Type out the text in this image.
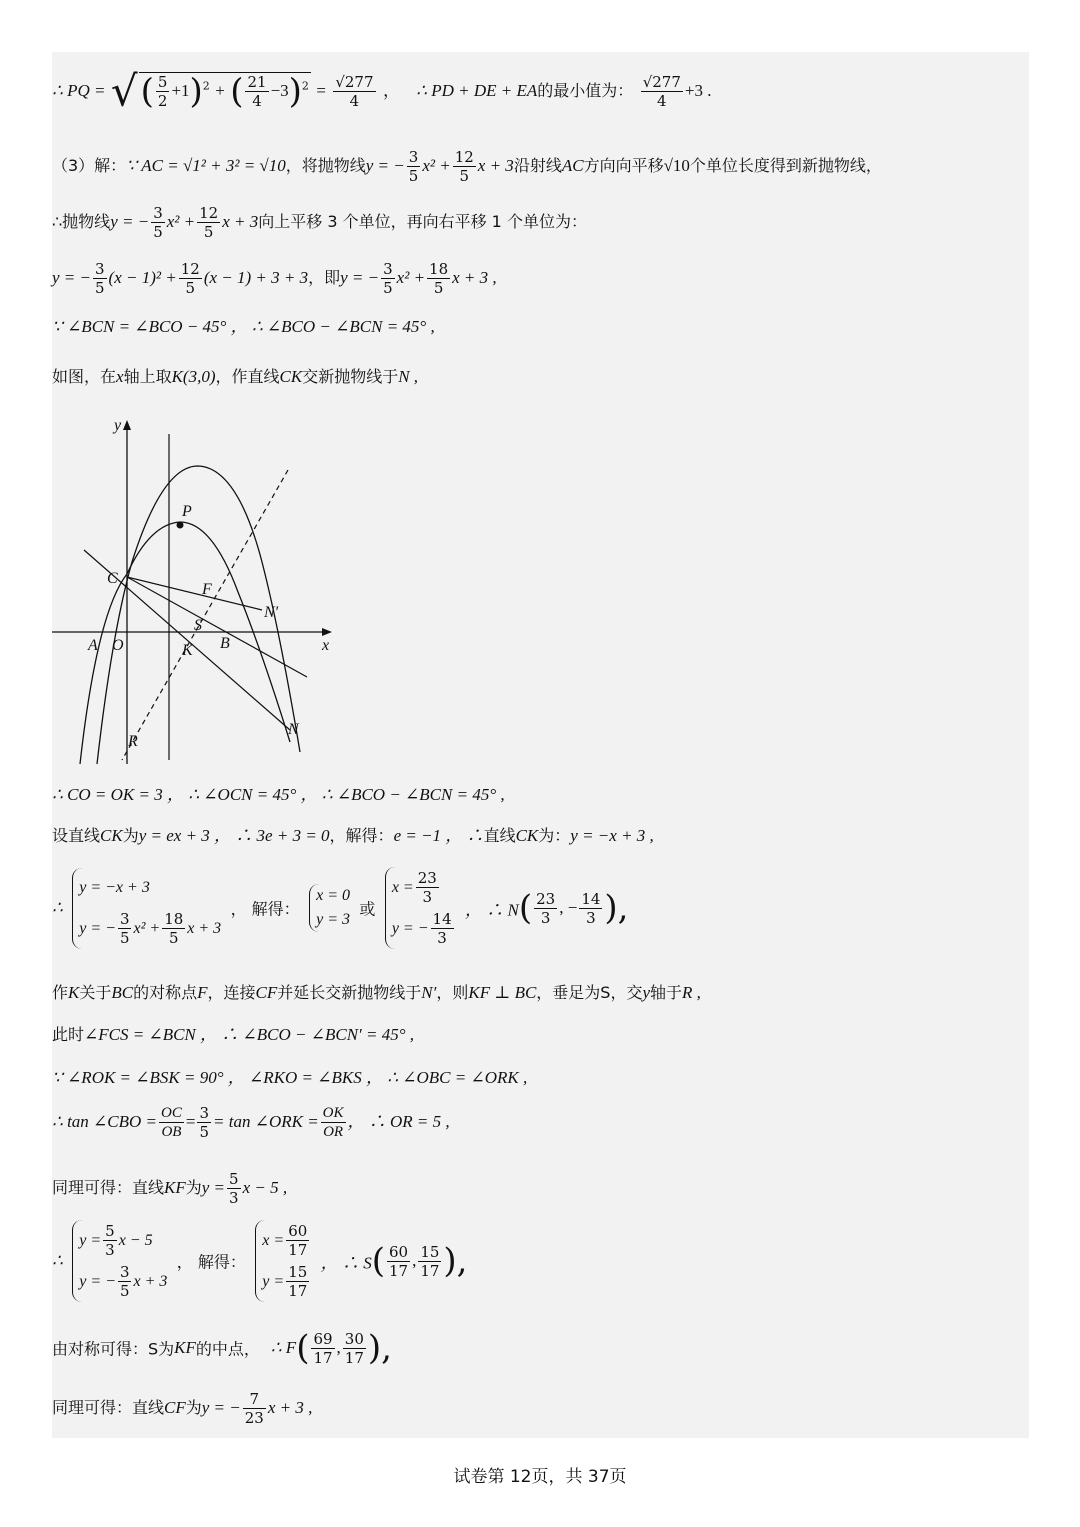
∴ PQ = √( $\frac{5}{2} +1)^2$ + ( $\frac{21}{4} -3)^2 = \frac{√277}{4}$ ， ∴ PD + DE + EA的最小值为： $\frac{√277}{4} +3$ .
（3）解：∵ AC = √1² + 3² = √10，将抛物线y = − $\frac{3}{5} x^2 + \frac{12}{5}$ x + 3沿射线AC方向向平移√10个单位长度得到新抛物线，
∴抛物线y = − $\frac{3}{5} x^2 + \frac{12}{5}$ x + 3向上平移 3 个单位，再向右平移 1 个单位为：
y = − $\frac{3}{5} (x - 1)^2 + \frac{12}{5} (x - 1) + 3 + 3$，即y = − $\frac{3}{5} x^2 + \frac{18}{5}$ x + 3 ,
∵ ∠BCN = ∠BCO − 45° ， ∴ ∠BCO − ∠BCN = 45° ,
如图，在x轴上取K(3,0)，作直线CK交新抛物线于N ,
y
x
P
C
F
N′
S
A O	B
K
R
N
∴ CO = OK = 3 ， ∴ ∠OCN = 45° ， ∴ ∠BCO − ∠BCN = 45° ,
设直线CK为y = ex + 3 ， ∴ 3e + 3 = 0，解得：e = −1 ， ∴直线CK为：y = −x + 3 ,
∴
y = −x + 3
y = − $\frac{3}{5} x^2 + \frac{18}{5}$ x + 3
， 解得：
x = 0
y = 3
或
$x = \frac{23}{3}$
y = − $\frac{14}{3}$ ， ∴ $N( \frac{23}{3}$ , − $\frac{14}{3}$ ),
作K关于BC的对称点F，连接CF并延长交新抛物线于N′，则KF ⊥ BC，垂足为S，交y轴于R ,
此时∠FCS = ∠BCN ， ∴ ∠BCO − ∠BCN′ = 45° ,
∵ ∠ROK = ∠BSK = 90° ， ∠RKO = ∠BKS ， ∴ ∠OBC = ∠ORK ,
∴ tan ∠CBO = $\frac{OC}{OB} = \frac{3}{5} = \tan$ ∠ORK = $\frac{OK}{OR}$ ， ∴ OR = 5 ,
同理可得：直线KF为$y = \frac{5}{3}$ x − 5 ,
∴
$y = \frac{5}{3}$ x − 5
y = − $\frac{3}{5}$ x + 3
， 解得：
$x = \frac{60}{17}$
$y = \frac{15}{17}$ ， ∴ $S( \frac{60}{17}$ , $\frac{15}{17}$ ),
由对称可得：S为KF的中点， ∴ $F( \frac{69}{17}$ , $\frac{30}{17}$ ),
同理可得：直线CF为y = − $\frac{7}{23}$ x + 3 ,
试卷第 12页，共 37页
